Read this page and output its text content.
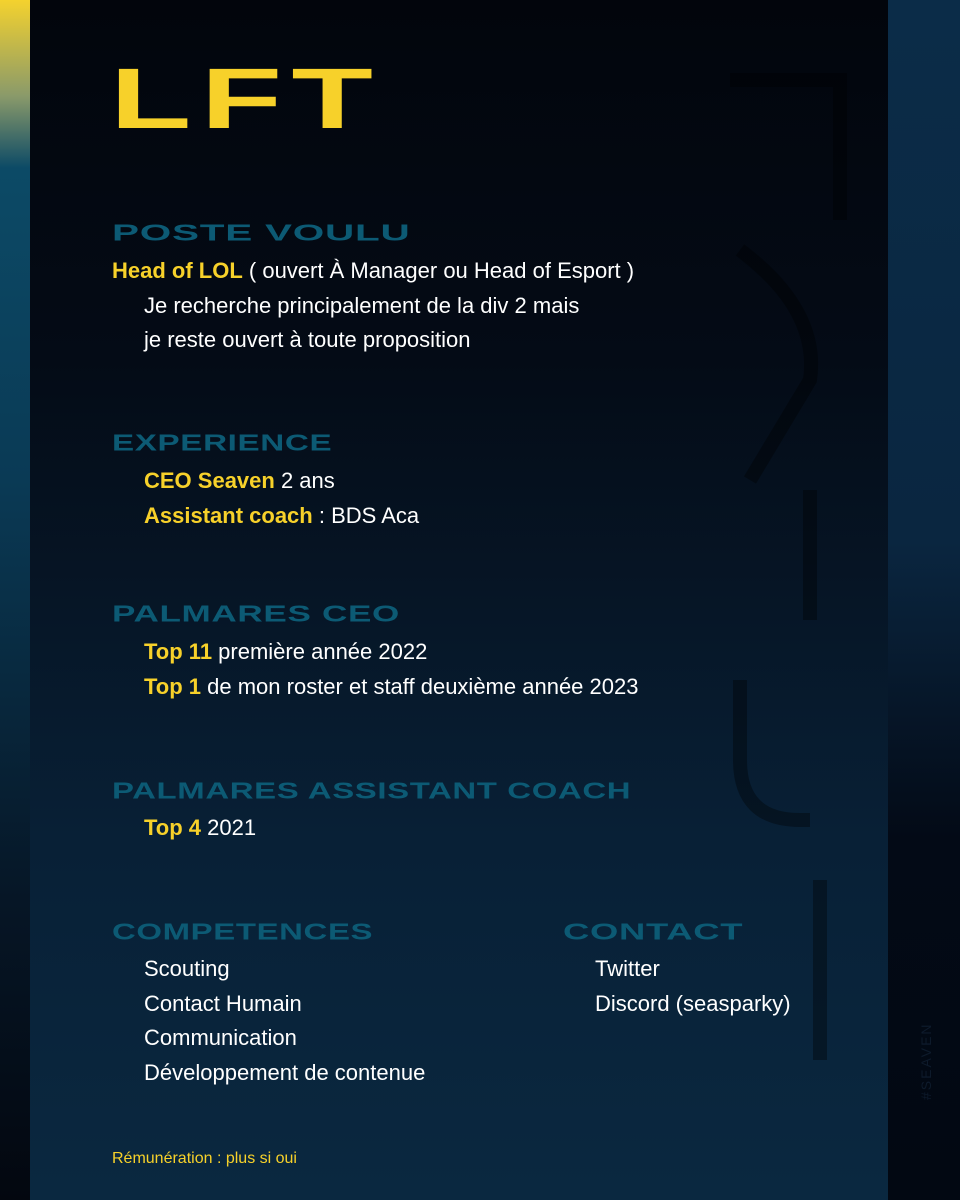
#SEAVEN
LFT
POSTE VOULU
Head of LOL ( ouvert À Manager ou Head of Esport )
Je recherche principalement de la div 2 mais
je reste ouvert à toute proposition
EXPERIENCE
CEO Seaven 2 ans
Assistant coach : BDS Aca
PALMARES CEO
Top 11 première année 2022
Top 1 de mon roster et staff deuxième année 2023
PALMARES ASSISTANT COACH
Top 4 2021
COMPETENCES
Scouting
Contact Humain
Communication
Développement de contenue
CONTACT
Twitter
Discord (seasparky)
Rémunération : plus si oui
